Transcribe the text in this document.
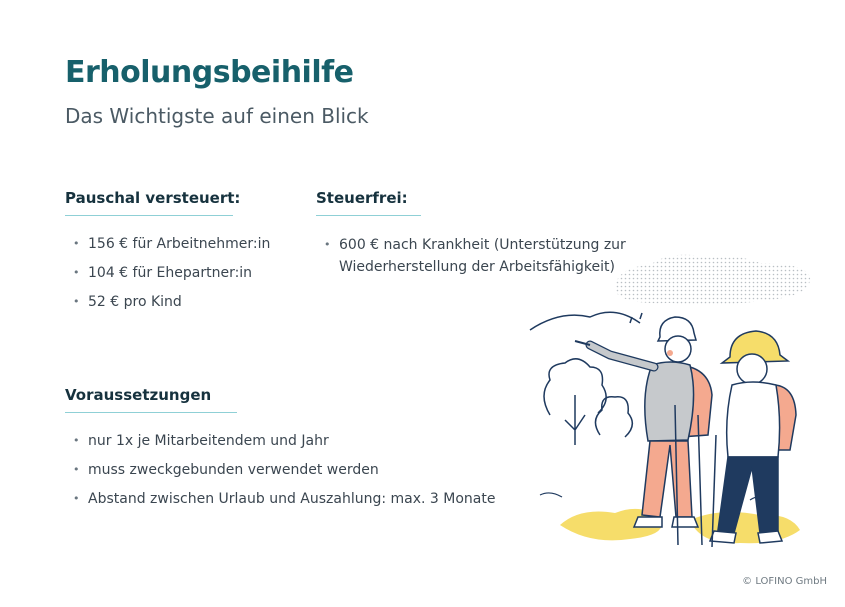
Erholungsbeihilfe

Das Wichtigste auf einen Blick

Pauschal versteuert:
• 156 € für Arbeitnehmer:in
• 104 € für Ehepartner:in
• 52 € pro Kind
Steuerfrei:
• 600 € nach Krankheit (Unterstützung zur Wiederherstellung der Arbeitsfähigkeit)
Voraussetzungen
• nur 1x je Mitarbeitendem und Jahr
• muss zweckgebunden verwendet werden
• Abstand zwischen Urlaub und Auszahlung: max. 3 Monate
© LOFINO GmbH
